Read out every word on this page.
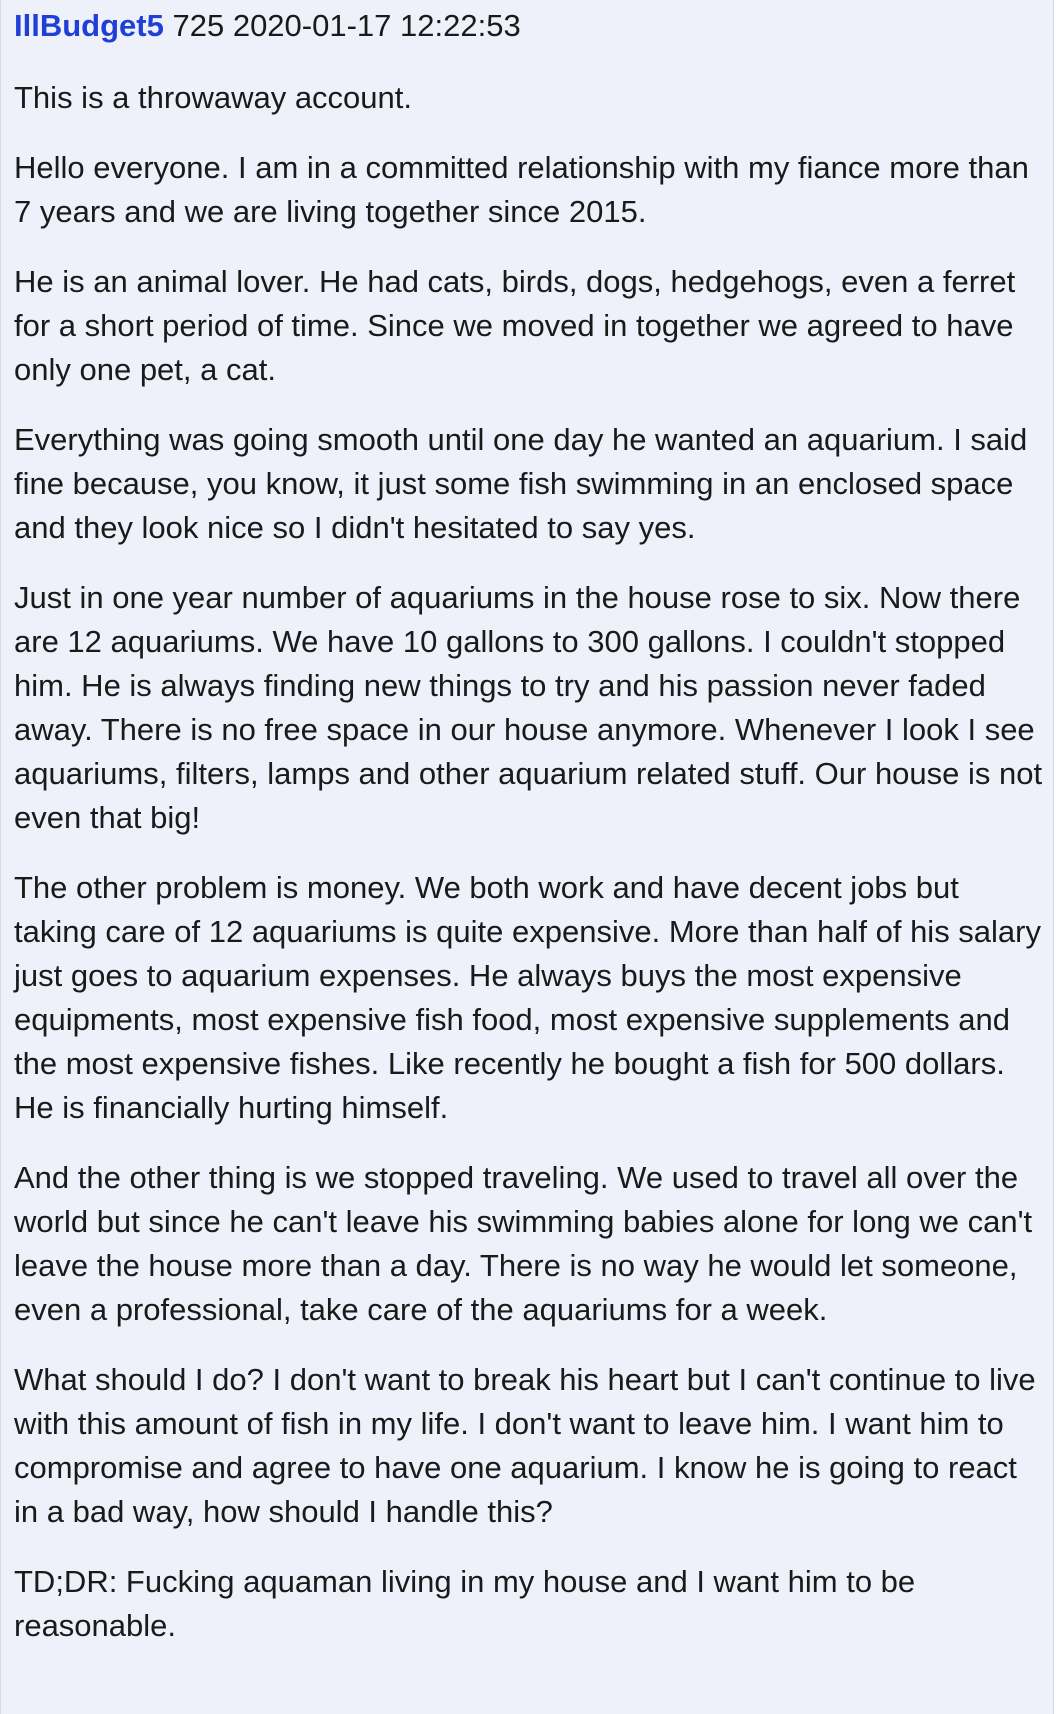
IllBudget5 725 2020-01-17 12:22:53

This is a throwaway account.

Hello everyone. I am in a committed relationship with my fiance more than 7 years and we are living together since 2015.

He is an animal lover. He had cats, birds, dogs, hedgehogs, even a ferret for a short period of time. Since we moved in together we agreed to have only one pet, a cat.

Everything was going smooth until one day he wanted an aquarium. I said fine because, you know, it just some fish swimming in an enclosed space and they look nice so I didn't hesitated to say yes.

Just in one year number of aquariums in the house rose to six. Now there are 12 aquariums. We have 10 gallons to 300 gallons. I couldn't stopped him. He is always finding new things to try and his passion never faded away. There is no free space in our house anymore. Whenever I look I see aquariums, filters, lamps and other aquarium related stuff. Our house is not even that big!

The other problem is money. We both work and have decent jobs but taking care of 12 aquariums is quite expensive. More than half of his salary just goes to aquarium expenses. He always buys the most expensive equipments, most expensive fish food, most expensive supplements and the most expensive fishes. Like recently he bought a fish for 500 dollars. He is financially hurting himself.

And the other thing is we stopped traveling. We used to travel all over the world but since he can't leave his swimming babies alone for long we can't leave the house more than a day. There is no way he would let someone, even a professional, take care of the aquariums for a week.

What should I do? I don't want to break his heart but I can't continue to live with this amount of fish in my life. I don't want to leave him. I want him to compromise and agree to have one aquarium. I know he is going to react in a bad way, how should I handle this?

TD;DR: Fucking aquaman living in my house and I want him to be reasonable.
